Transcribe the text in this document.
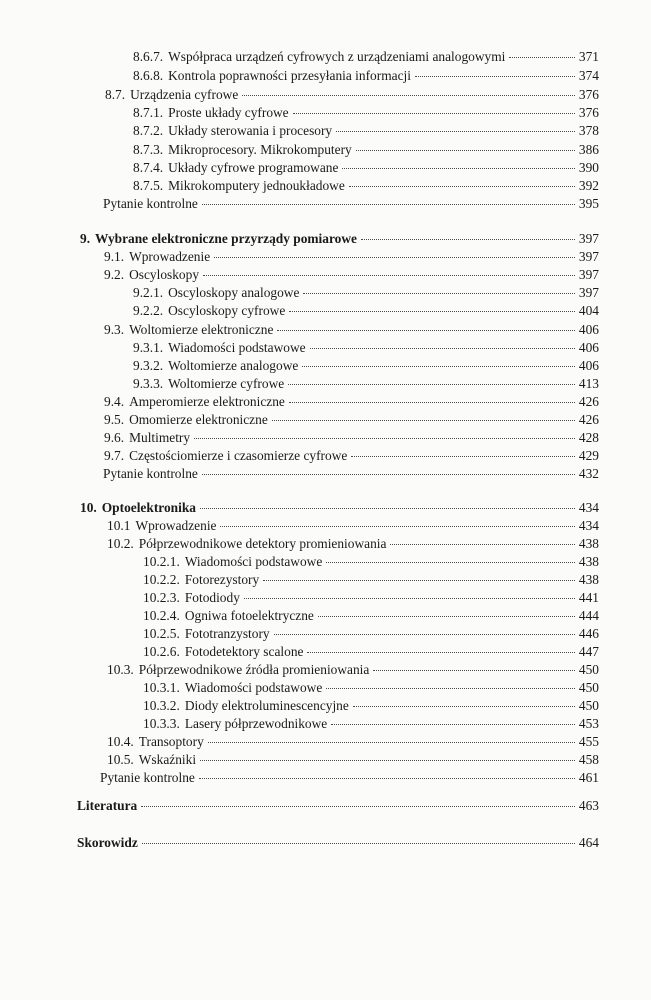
8.6.7. Współpraca urządzeń cyfrowych z urządzeniami analogowymi	371
8.6.8. Kontrola poprawności przesyłania informacji	374
8.7. Urządzenia cyfrowe	376
8.7.1. Proste układy cyfrowe	376
8.7.2. Układy sterowania i procesory	378
8.7.3. Mikroprocesory. Mikrokomputery	386
8.7.4. Układy cyfrowe programowane	390
8.7.5. Mikrokomputery jednoukładowe	392
Pytanie kontrolne	395
9. Wybrane elektroniczne przyrządy pomiarowe	397
9.1. Wprowadzenie	397
9.2. Oscyloskopy	397
9.2.1. Oscyloskopy analogowe	397
9.2.2. Oscyloskopy cyfrowe	404
9.3. Woltomierze elektroniczne	406
9.3.1. Wiadomości podstawowe	406
9.3.2. Woltomierze analogowe	406
9.3.3. Woltomierze cyfrowe	413
9.4. Amperomierze elektroniczne	426
9.5. Omomierze elektroniczne	426
9.6. Multimetry	428
9.7. Częstościomierze i czasomierze cyfrowe	429
Pytanie kontrolne	432
10. Optoelektronika	434
10.1 Wprowadzenie	434
10.2. Półprzewodnikowe detektory promieniowania	438
10.2.1. Wiadomości podstawowe	438
10.2.2. Fotorezystory	438
10.2.3. Fotodiody	441
10.2.4. Ogniwa fotoelektryczne	444
10.2.5. Fototranzystory	446
10.2.6. Fotodetektory scalone	447
10.3. Półprzewodnikowe źródła promieniowania	450
10.3.1. Wiadomości podstawowe	450
10.3.2. Diody elektroluminescencyjne	450
10.3.3. Lasery półprzewodnikowe	453
10.4. Transoptory	455
10.5. Wskaźniki	458
Pytanie kontrolne	461
Literatura	463
Skorowidz	464
